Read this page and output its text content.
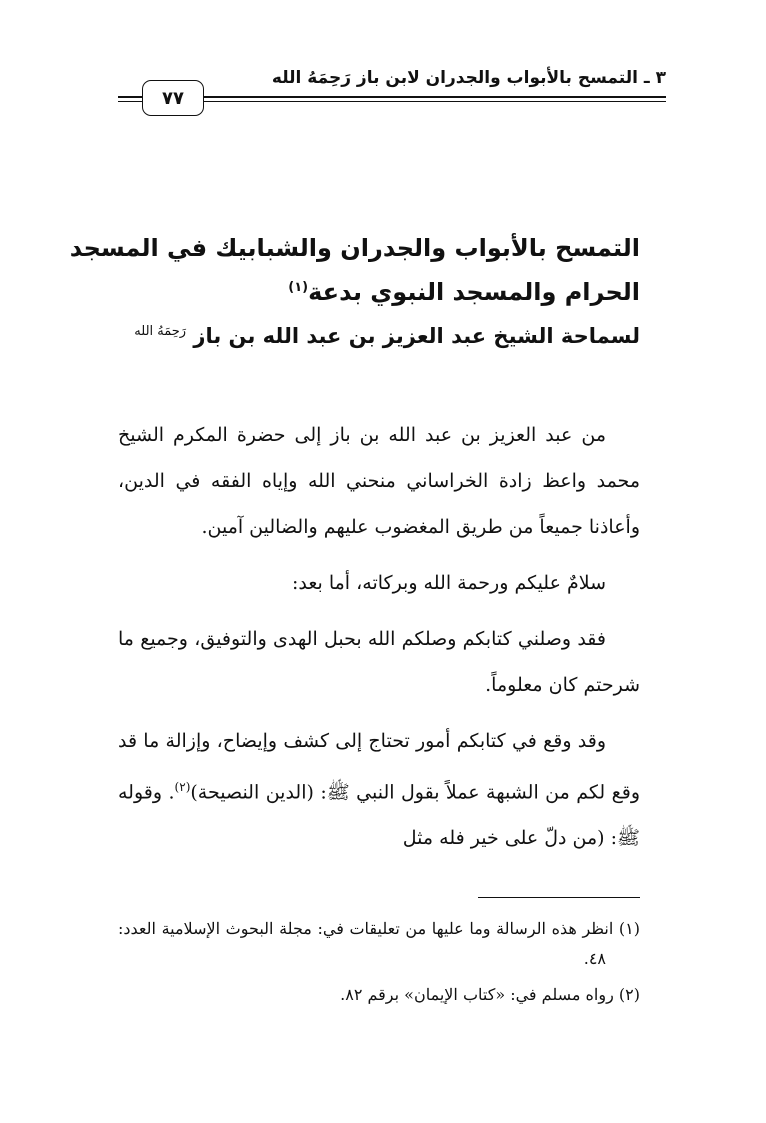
٣ ـ التمسح بالأبواب والجدران لابن باز رَحِمَهُ الله
٧٧
التمسح بالأبواب والجدران والشبابيك في المسجد
الحرام والمسجد النبوي بدعة$^{(١)}$
لسماحة الشيخ عبد العزيز بن عبد الله بن باز $^{رَحِمَهُ الله}$

من عبد العزيز بن عبد الله بن باز إلى حضرة المكرم الشيخ محمد واعظ زادة الخراساني منحني الله وإياه الفقه في الدين، وأعاذنا جميعاً من طريق المغضوب عليهم والضالين آمين.

سلامٌ عليكم ورحمة الله وبركاته، أما بعد:

فقد وصلني كتابكم وصلكم الله بحبل الهدى والتوفيق، وجميع ما شرحتم كان معلوماً.

وقد وقع في كتابكم أمور تحتاج إلى كشف وإيضاح، وإزالة ما قد وقع لكم من الشبهة عملاً بقول النبي ﷺ: (الدين النصيحة)$^{(٢)}$. وقوله ﷺ: (من دلّ على خير فله مثل

(١) انظر هذه الرسالة وما عليها من تعليقات في: مجلة البحوث الإسلامية العدد: ٤٨.

(٢) رواه مسلم في: «كتاب الإيمان» برقم ٨٢.
